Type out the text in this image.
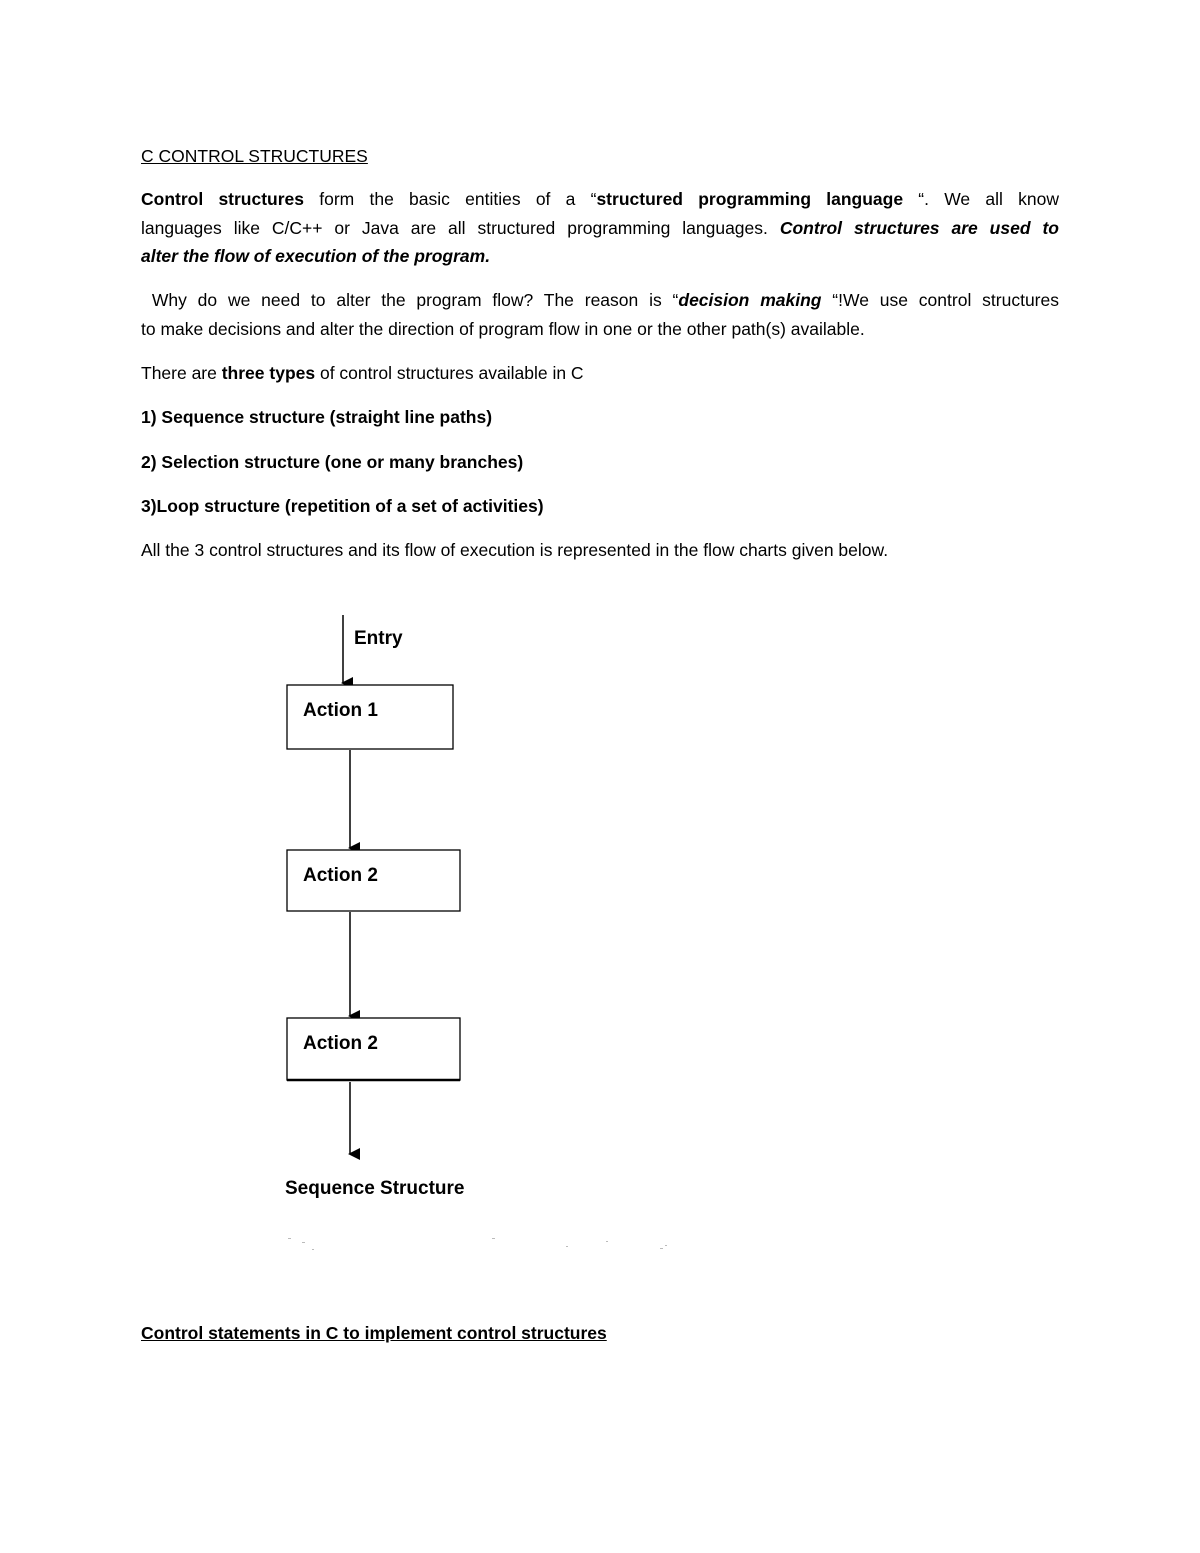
C CONTROL STRUCTURES
Control structures form the basic entities of a “structured programming language “. We all know
languages like C/C++ or Java are all structured programming languages. Control structures are used to
alter the flow of execution of the program.
Why do we need to alter the program flow? The reason is “decision making “!We use control structures
to make decisions and alter the direction of program flow in one or the other path(s) available.
There are three types of control structures available in C
1) Sequence structure (straight line paths)
2) Selection structure (one or many branches)
3)Loop structure (repetition of a set of activities)
All the 3 control structures and its flow of execution is represented in the flow charts given below.
Entry
Action 1
Action 2
Action 2
Sequence Structure
Control statements in C to implement control structures
